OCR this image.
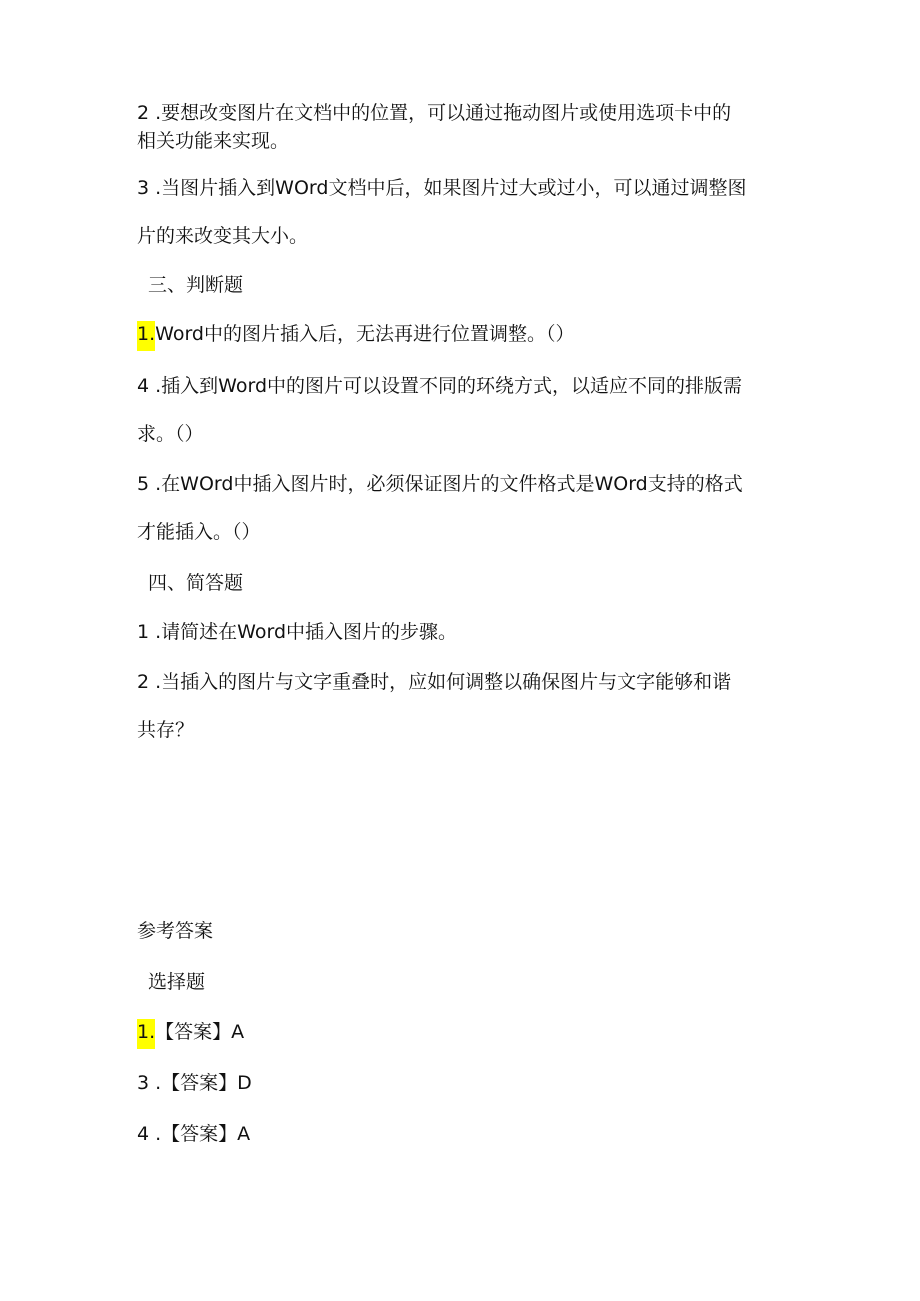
2 .要想改变图片在文档中的位置，可以通过拖动图片或使用选项卡中的
相关功能来实现。
3 .当图片插入到WOrd文档中后，如果图片过大或过小，可以通过调整图
片的来改变其大小。
三、判断题
1.Word中的图片插入后，无法再进行位置调整。（）
4 .插入到Word中的图片可以设置不同的环绕方式，以适应不同的排版需
求。（）
5 .在WOrd中插入图片时，必须保证图片的文件格式是WOrd支持的格式
才能插入。（）
四、简答题
1 .请简述在Word中插入图片的步骤。
2 .当插入的图片与文字重叠时，应如何调整以确保图片与文字能够和谐
共存？
参考答案
选择题
1.【答案】A
3 .【答案】D
4 .【答案】A
